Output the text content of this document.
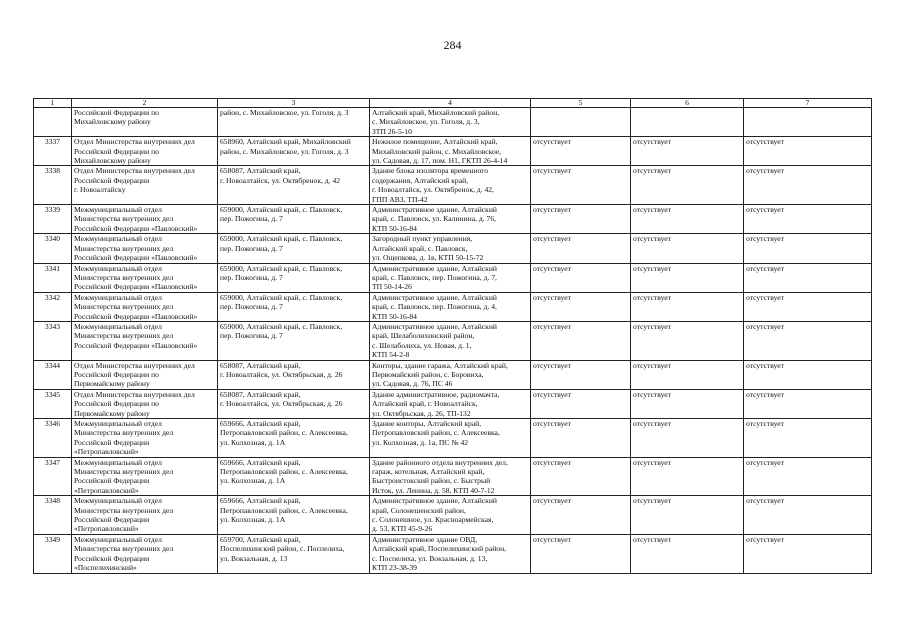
284
1	2	3	4	5	6	7

	Российской Федерации по
Михайловскому району	район, с. Михайловское, ул. Гоголя, д. 3	Алтайский край, Михайловский район,
с. Михайловское, ул. Гоголя, д. 3,
ЗТП 26-5-10			

3337	Отдел Министерства внутренних дел
Российской Федерации по
Михайловскому району	658960, Алтайский край, Михайловский
район, с. Михайловское, ул. Гоголя, д. 3	Нежилое помещение, Алтайский край,
Михайловский район, с. Михайловское,
ул. Садовая, д. 17, пом. Н1, ГКТП 26-4-14	отсутствует	отсутствует	отсутствует
3338	Отдел Министерства внутренних дел
Российской Федерации
г. Новоалтайску	658087, Алтайский край,
г. Новоалтайск, ул. Октябренок, д. 42	Здание блока изолятора временного
содержания, Алтайский край,
г. Новоалтайск, ул. Октябренок, д. 42,
ГПП АВЗ, ТП-42	отсутствует	отсутствует	отсутствует
3339	Межмуниципальный отдел
Министерства внутренних дел
Российской Федерации «Павловский»	659000, Алтайский край, с. Павловск,
пер. Пожогина, д. 7	Административное здание, Алтайский
край, с. Павловск, ул. Калинина, д. 76,
КТП 50-16-84	отсутствует	отсутствует	отсутствует
3340	Межмуниципальный отдел
Министерства внутренних дел
Российской Федерации «Павловский»	659000, Алтайский край, с. Павловск,
пер. Пожогина, д. 7	Загородный пункт управления,
Алтайский край, с. Павловск,
ул. Ощепкова, д. 1в, КТП 50-15-72	отсутствует	отсутствует	отсутствует
3341	Межмуниципальный отдел
Министерства внутренних дел
Российской Федерации «Павловский»	659000, Алтайский край, с. Павловск,
пер. Пожогина, д. 7	Административное здание, Алтайский
край, с. Павловск, пер. Пожогина, д. 7,
ТП 50-14-26	отсутствует	отсутствует	отсутствует
3342	Межмуниципальный отдел
Министерства внутренних дел
Российской Федерации «Павловский»	659000, Алтайский край, с. Павловск,
пер. Пожогина, д. 7	Административное здание, Алтайский
край, с. Павловск, пер. Пожогина, д. 4,
КТП 50-16-84	отсутствует	отсутствует	отсутствует
3343	Межмуниципальный отдел
Министерства внутренних дел
Российской Федерации «Павловский»	659000, Алтайский край, с. Павловск,
пер. Пожогина, д. 7	Административное здание, Алтайский
край, Шелаболихинский район,
с. Шелаболиха, ул. Новая, д. 1,
КТП 54-2-8	отсутствует	отсутствует	отсутствует
3344	Отдел Министерства внутренних дел
Российской Федерации по
Первомайскому району	658087, Алтайский край,
г. Новоалтайск, ул. Октябрьская, д. 26	Конторы, здание гаража, Алтайский край,
Первомайский район, с. Боровиха,
ул. Садовая, д. 76, ПС 46	отсутствует	отсутствует	отсутствует
3345	Отдел Министерства внутренних дел
Российской Федерации по
Первомайскому району	658087, Алтайский край,
г. Новоалтайск, ул. Октябрьская, д. 26	Здание административное, радиомачта,
Алтайский край, г. Новоалтайск,
ул. Октябрьская, д. 26, ТП-132	отсутствует	отсутствует	отсутствует
3346	Межмуниципальный отдел
Министерства внутренних дел
Российской Федерации
«Петропавловский»	659666, Алтайский край,
Петропавловский район, с. Алексеевка,
ул. Колхозная, д. 1А	Здание конторы, Алтайский край,
Петропавловский район, с. Алексеевка,
ул. Колхозная, д. 1а, ПС № 42	отсутствует	отсутствует	отсутствует
3347	Межмуниципальный отдел
Министерства внутренних дел
Российской Федерации
«Петропавловский»	659666, Алтайский край,
Петропавловский район, с. Алексеевка,
ул. Колхозная, д. 1А	Здание районного отдела внутренних дел,
гараж, котельная, Алтайский край,
Быстроистокский район, с. Быстрый
Исток, ул. Ленина, д. 58, КТП 40-7-12	отсутствует	отсутствует	отсутствует
3348	Межмуниципальный отдел
Министерства внутренних дел
Российской Федерации
«Петропавловский»	659666, Алтайский край,
Петропавловский район, с. Алексеевка,
ул. Колхозная, д. 1А	Административное здание, Алтайский
край, Солонешенский район,
с. Солонешное, ул. Красноармейская,
д. 53, КТП 45-9-26	отсутствует	отсутствует	отсутствует
3349	Межмуниципальный отдел
Министерства внутренних дел
Российской Федерации
«Поспелихинский»	659700, Алтайский край,
Поспелихинский район, с. Поспелиха,
ул. Вокзальная, д. 13	Административное здание ОВД,
Алтайский край, Поспелихинский район,
с. Поспелиха, ул. Вокзальная, д. 13,
КТП 23-38-39	отсутствует	отсутствует	отсутствует
